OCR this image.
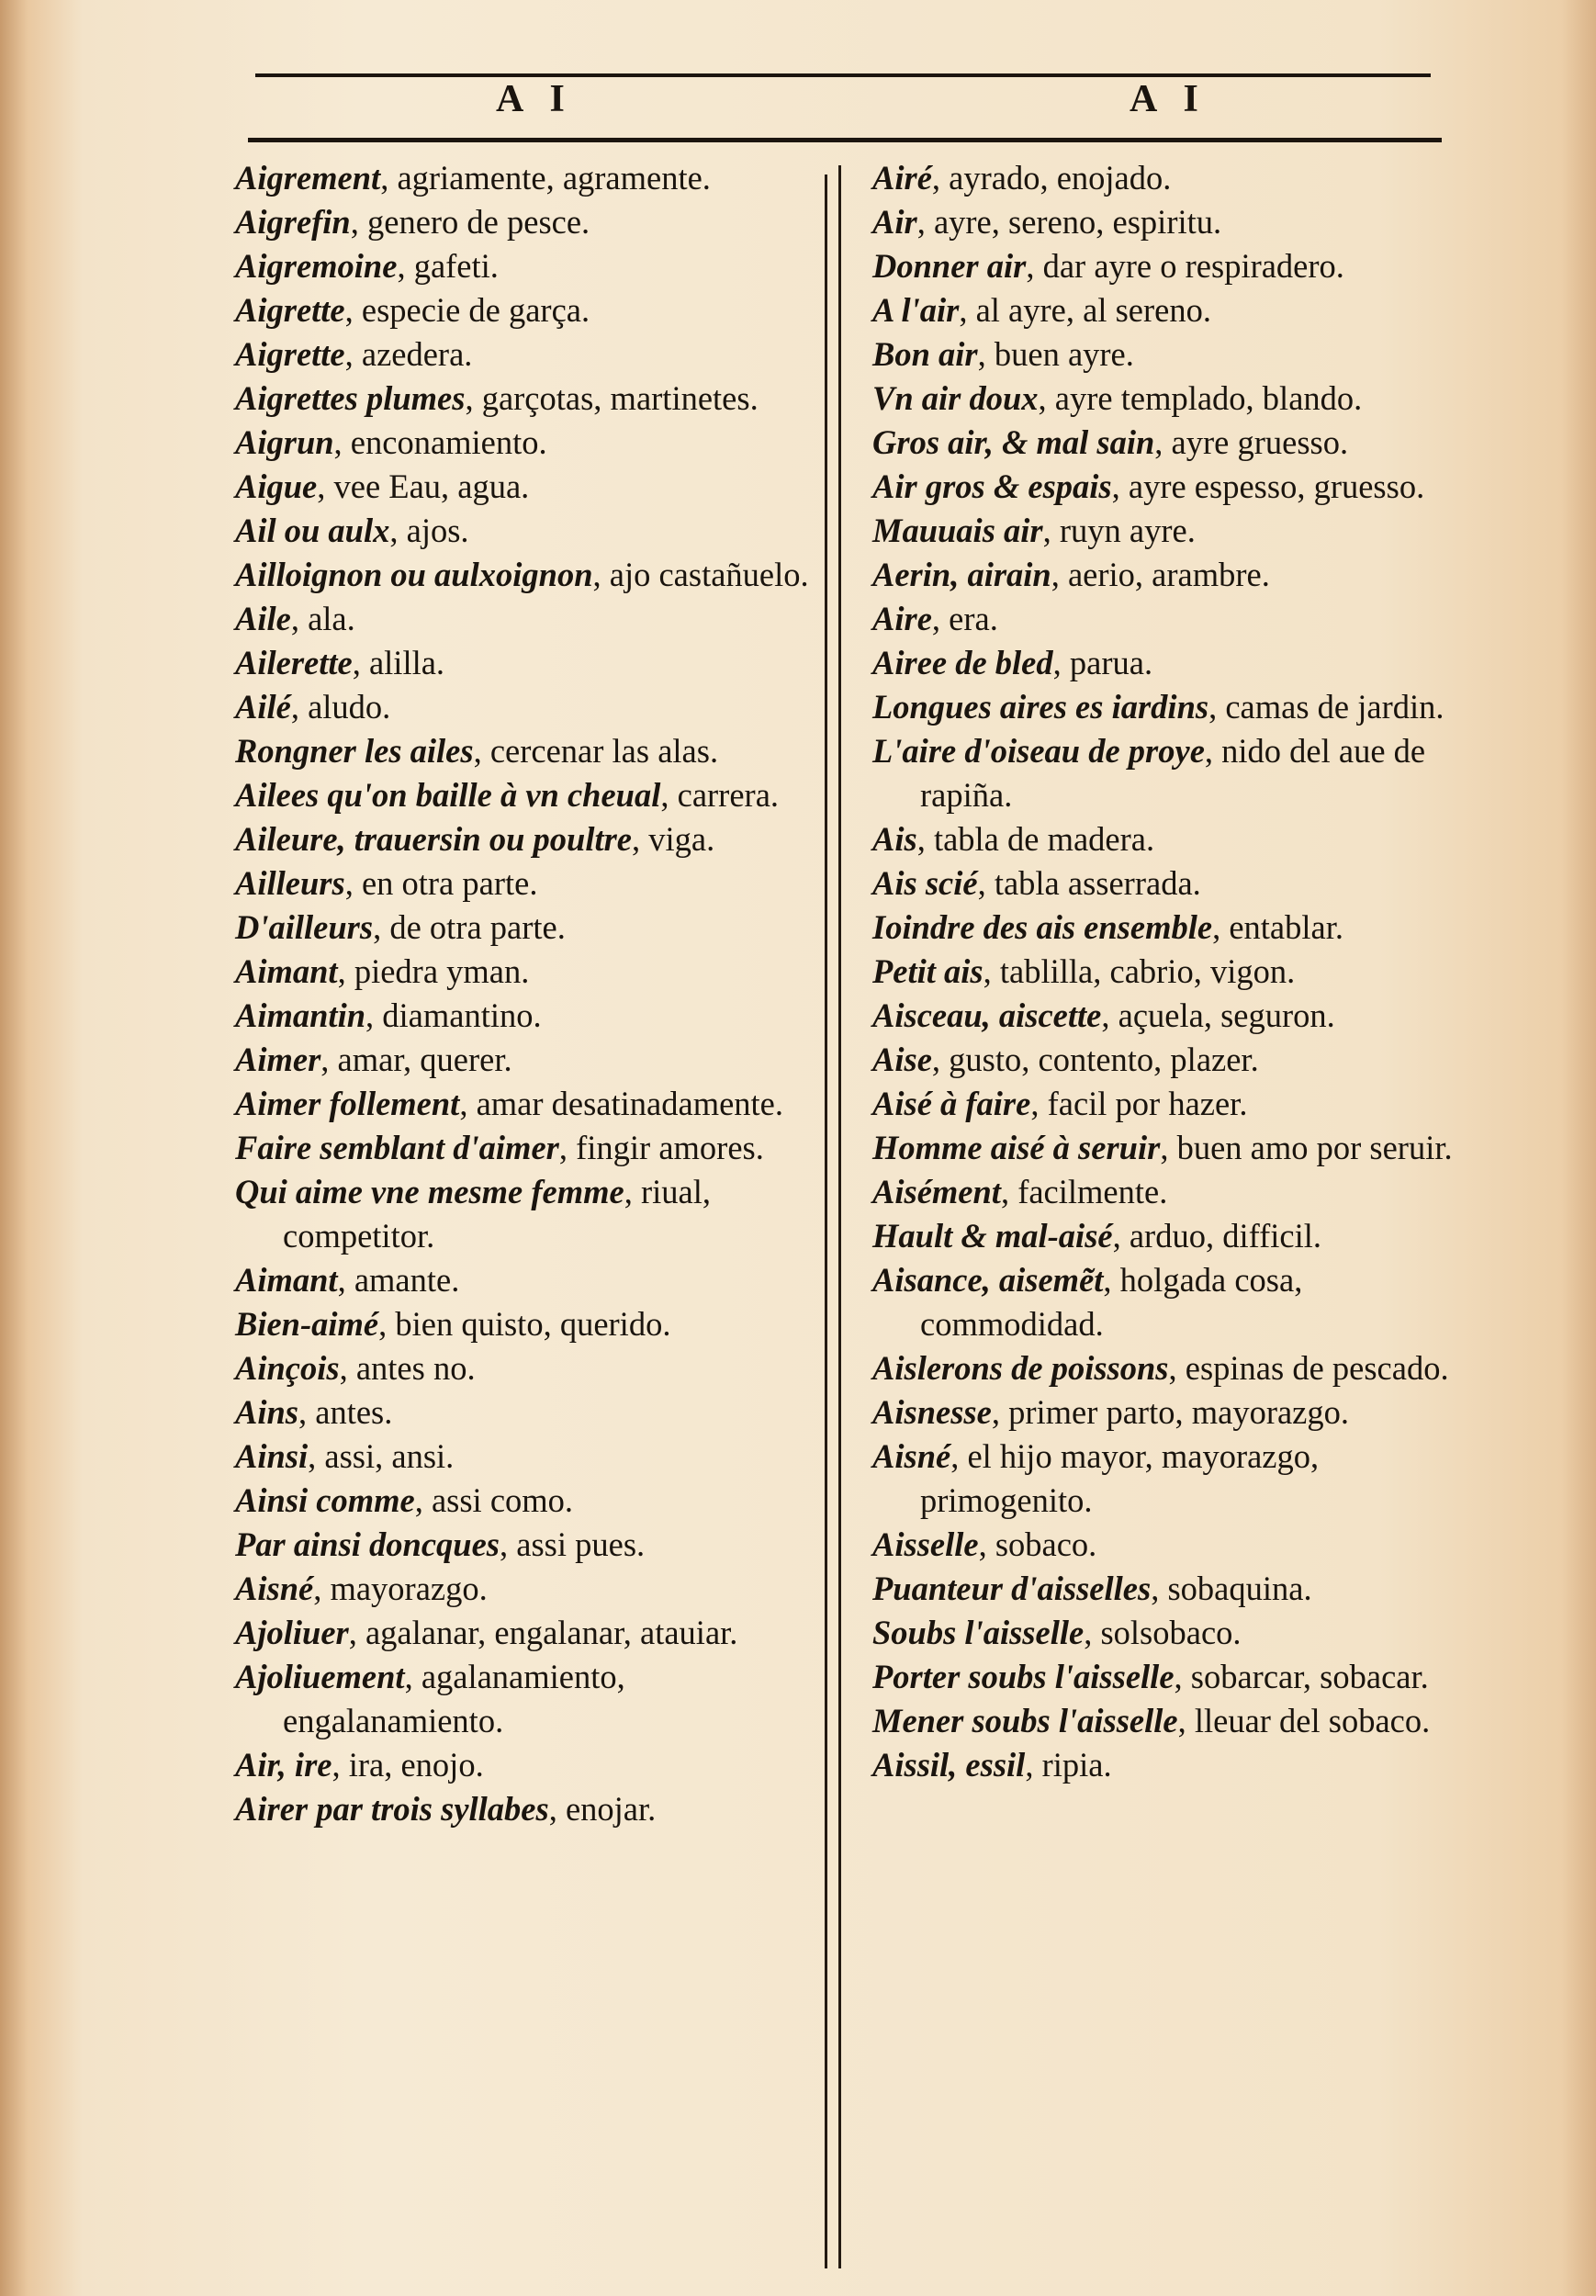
A I	A I
Aigrement, agriamente, agramente.
Aigrefin, genero de pesce.
Aigremoine, gafeti.
Aigrette, especie de garça.
Aigrette, azedera.
Aigrettes plumes, garçotas, martinetes.
Aigrun, enconamiento.
Aigue, vee Eau, agua.
Ail ou aulx, ajos.
Ailloignon ou aulxoignon, ajo castañuelo.
Aile, ala.
Ailerette, alilla.
Ailé, aludo.
Rongner les ailes, cercenar las alas.
Ailees qu'on baille à vn cheual, carrera.
Aileure, trauersin ou poultre, viga.
Ailleurs, en otra parte.
D'ailleurs, de otra parte.
Aimant, piedra yman.
Aimantin, diamantino.
Aimer, amar, querer.
Aimer follement, amar desatinadamente.
Faire semblant d'aimer, fingir amores.
Qui aime vne mesme femme, riual, competitor.
Aimant, amante.
Bien-aimé, bien quisto, querido.
Ainçois, antes no.
Ains, antes.
Ainsi, assi, ansi.
Ainsi comme, assi como.
Par ainsi doncques, assi pues.
Aisné, mayorazgo.
Ajoliuer, agalanar, engalanar, atauiar.
Ajoliuement, agalanamiento, engalanamiento.
Air, ire, ira, enojo.
Airer par trois syllabes, enojar.
Airé, ayrado, enojado.
Air, ayre, sereno, espiritu.
Donner air, dar ayre o respiradero.
A l'air, al ayre, al sereno.
Bon air, buen ayre.
Vn air doux, ayre templado, blando.
Gros air, & mal sain, ayre gruesso.
Air gros & espais, ayre espesso, gruesso.
Mauuais air, ruyn ayre.
Aerin, airain, aerio, arambre.
Aire, era.
Airee de bled, parua.
Longues aires es iardins, camas de jardin.
L'aire d'oiseau de proye, nido del aue de rapiña.
Ais, tabla de madera.
Ais scié, tabla asserrada.
Ioindre des ais ensemble, entablar.
Petit ais, tablilla, cabrio, vigon.
Aisceau, aiscette, açuela, seguron.
Aise, gusto, contento, plazer.
Aisé à faire, facil por hazer.
Homme aisé à seruir, buen amo por seruir.
Aisément, facilmente.
Hault & mal-aisé, arduo, difficil.
Aisance, aisemẽt, holgada cosa, commodidad.
Aislerons de poissons, espinas de pescado.
Aisnesse, primer parto, mayorazgo.
Aisné, el hijo mayor, mayorazgo, primogenito.
Aisselle, sobaco.
Puanteur d'aisselles, sobaquina.
Soubs l'aisselle, solsobaco.
Porter soubs l'aisselle, sobarcar, sobacar.
Mener soubs l'aisselle, lleuar del sobaco.
Aissil, essil, ripia.
